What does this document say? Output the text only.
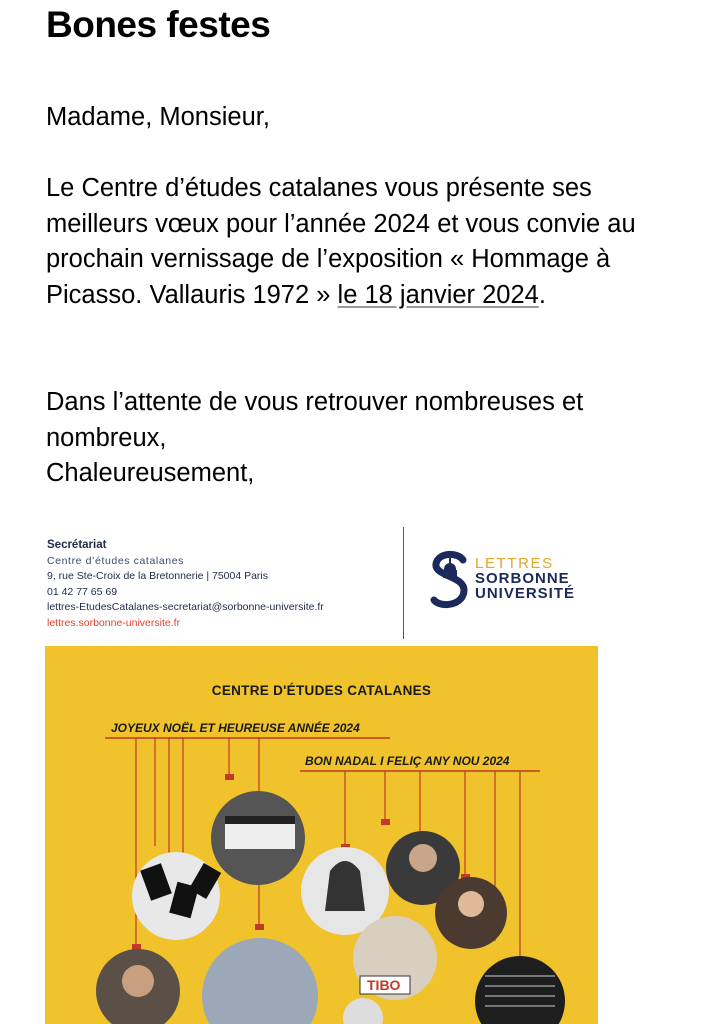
Bones festes

Madame, Monsieur,

Le Centre d’études catalanes vous présente ses meilleurs vœux pour l’année 2024 et vous convie au prochain vernissage de l’exposition « Hommage à Picasso. Vallauris 1972 » le 18 janvier 2024.

Dans l’attente de vous retrouver nombreuses et nombreux,

Chaleureusement,

Secrétariat
Centre d’études catalanes
9, rue Ste-Croix de la Bretonnerie | 75004 Paris
01 42 77 65 69
lettres-EtudesCatalanes-secretariat@sorbonne-universite.fr
lettres.sorbonne-universite.fr
LETTRES
SORBONNE
UNIVERSITÉ
CENTRE D'ÉTUDES CATALANES
JOYEUX NOËL ET HEUREUSE ANNÉE 2024
BON NADAL I FELIÇ ANY NOU 2024
TIBO
